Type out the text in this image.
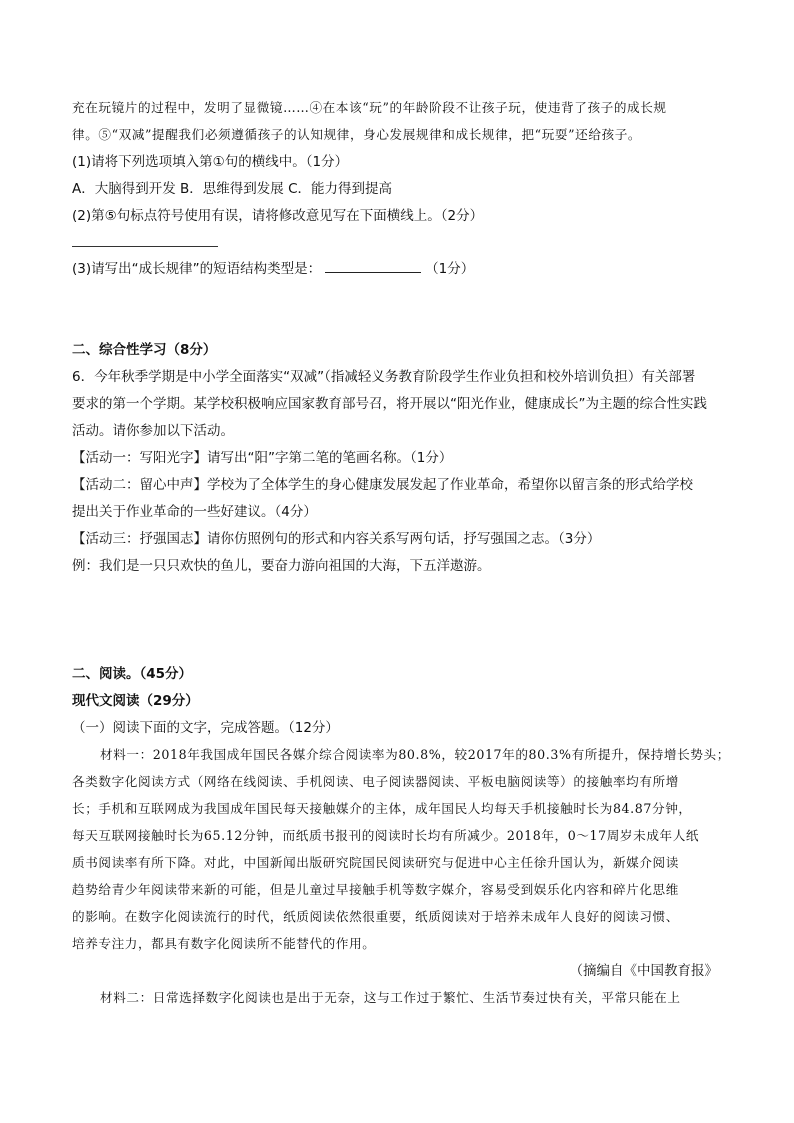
充在玩镜片的过程中，发明了显微镜……④在本该“玩”的年龄阶段不让孩子玩，使违背了孩子的成长规
律。⑤“双减”提醒我们必须遵循孩子的认知规律，身心发展规律和成长规律，把“玩耍”还给孩子。
(1)请将下列选项填入第①句的横线中。（1分）
A．大脑得到开发 B．思维得到发展 C．能力得到提高
(2)第⑤句标点符号使用有误，请将修改意见写在下面横线上。（2分）
(3)请写出“成长规律”的短语结构类型是：	（1分）
二、综合性学习（8分）
6．今年秋季学期是中小学全面落实“双减”（指减轻义务教育阶段学生作业负担和校外培训负担）有关部署
要求的第一个学期。某学校积极响应国家教育部号召，将开展以“阳光作业，健康成长”为主题的综合性实践
活动。请你参加以下活动。
【活动一：写阳光字】请写出“阳”字第二笔的笔画名称。（1分）
【活动二：留心中声】学校为了全体学生的身心健康发展发起了作业革命，希望你以留言条的形式给学校
提出关于作业革命的一些好建议。（4分）
【活动三：抒强国志】请你仿照例句的形式和内容关系写两句话，抒写强国之志。（3分）
例：我们是一只只欢快的鱼儿，要奋力游向祖国的大海，下五洋遨游。
二、阅读。（45分）
现代文阅读（29分）
（一）阅读下面的文字，完成答题。（12分）
材料一：2018年我国成年国民各媒介综合阅读率为80.8%，较2017年的80.3%有所提升，保持增长势头；
各类数字化阅读方式（网络在线阅读、手机阅读、电子阅读器阅读、平板电脑阅读等）的接触率均有所增
长；手机和互联网成为我国成年国民每天接触媒介的主体，成年国民人均每天手机接触时长为84.87分钟，
每天互联网接触时长为65.12分钟，而纸质书报刊的阅读时长均有所减少。2018年，0～17周岁未成年人纸
质书阅读率有所下降。对此，中国新闻出版研究院国民阅读研究与促进中心主任徐升国认为，新媒介阅读
趋势给青少年阅读带来新的可能，但是儿童过早接触手机等数字媒介，容易受到娱乐化内容和碎片化思维
的影响。在数字化阅读流行的时代，纸质阅读依然很重要，纸质阅读对于培养未成年人良好的阅读习惯、
培养专注力，都具有数字化阅读所不能替代的作用。
（摘编自《中国教育报》
材料二：日常选择数字化阅读也是出于无奈，这与工作过于繁忙、生活节奏过快有关，平常只能在上
